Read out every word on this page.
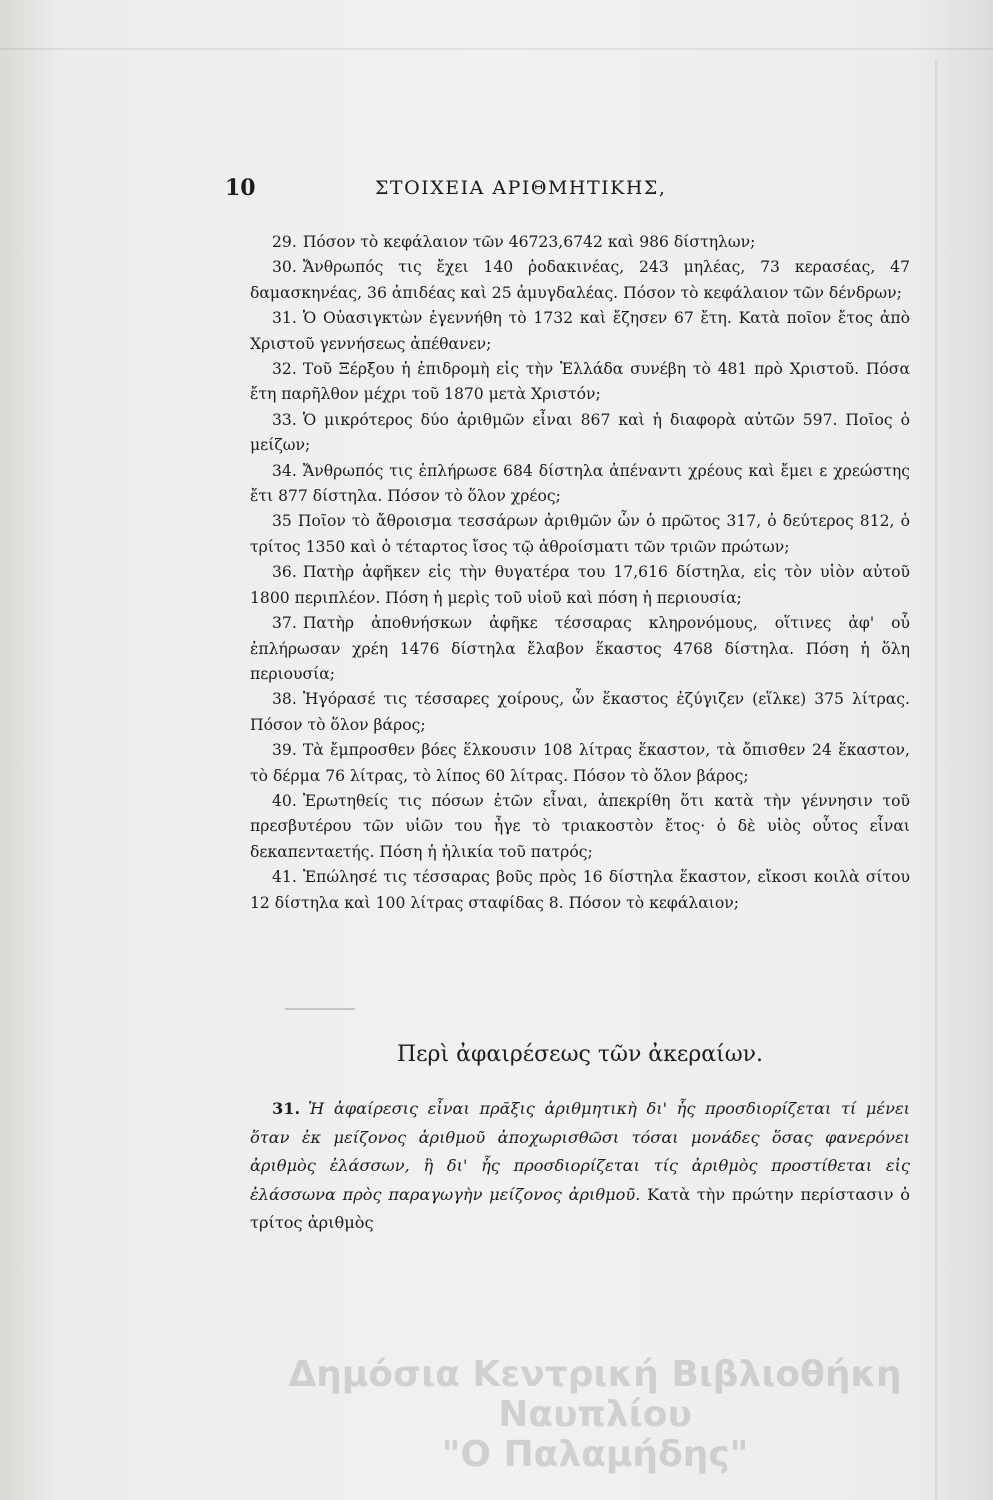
10	ΣΤΟΙΧΕΙΑ ΑΡΙΘΜΗΤΙΚΗΣ,

29. Πόσον τὸ κεφάλαιον τῶν 46723,6742 καὶ 986 δίστηλων;

30. Ἄνθρωπός τις ἔχει 140 ῥοδακινέας, 243 μηλέας, 73 κερασέας, 47 δαμασκηνέας, 36 ἀπιδέας καὶ 25 ἀμυγδαλέας. Πόσον τὸ κεφάλαιον τῶν δένδρων;

31. Ὁ Οὐασιγκτὼν ἐγεννήθη τὸ 1732 καὶ ἔζησεν 67 ἔτη. Κατὰ ποῖον ἔτος ἀπὸ Χριστοῦ γεννήσεως ἀπέθανεν;

32. Τοῦ Ξέρξου ἡ ἐπιδρομὴ εἰς τὴν Ἑλλάδα συνέβη τὸ 481 πρὸ Χριστοῦ. Πόσα ἔτη παρῆλθον μέχρι τοῦ 1870 μετὰ Χριστόν;

33. Ὁ μικρότερος δύο ἀριθμῶν εἶναι 867 καὶ ἡ διαφορὰ αὐτῶν 597. Ποῖος ὁ μείζων;

34. Ἄνθρωπός τις ἐπλήρωσε 684 δίστηλα ἀπέναντι χρέους καὶ ἔμει ε χρεώστης ἔτι 877 δίστηλα. Πόσον τὸ ὅλον χρέος;

35 Ποῖον τὸ ἄθροισμα τεσσάρων ἀριθμῶν ὧν ὁ πρῶτος 317, ὁ δεύτερος 812, ὁ τρίτος 1350 καὶ ὁ τέταρτος ἴσος τῷ ἀθροίσματι τῶν τριῶν πρώτων;

36. Πατὴρ ἀφῆκεν εἰς τὴν θυγατέρα του 17,616 δίστηλα, εἰς τὸν υἱὸν αὐτοῦ 1800 περιπλέον. Πόση ἡ μερὶς τοῦ υἱοῦ καὶ πόση ἡ περιουσία;

37. Πατὴρ ἀποθνήσκων ἀφῆκε τέσσαρας κληρονόμους, οἵτινες ἀφ' οὗ ἐπλήρωσαν χρέη 1476 δίστηλα ἔλαβον ἕκαστος 4768 δίστηλα. Πόση ἡ ὅλη περιουσία;

38. Ἠγόρασέ τις τέσσαρες χοίρους, ὧν ἕκαστος ἐζύγιζεν (εἵλκε) 375 λίτρας. Πόσον τὸ ὅλον βάρος;

39. Τὰ ἔμπροσθεν βόες ἕλκουσιν 108 λίτρας ἕκαστον, τὰ ὄπισθεν 24 ἕκαστον, τὸ δέρμα 76 λίτρας, τὸ λίπος 60 λίτρας. Πόσον τὸ ὅλον βάρος;

40. Ἐρωτηθείς τις πόσων ἐτῶν εἶναι, ἀπεκρίθη ὅτι κατὰ τὴν γέννησιν τοῦ πρεσβυτέρου τῶν υἱῶν του ἦγε τὸ τριακοστὸν ἔτος· ὁ δὲ υἱὸς οὗτος εἶναι δεκαπενταετής. Πόση ἡ ἡλικία τοῦ πατρός;

41. Ἐπώλησέ τις τέσσαρας βοῦς πρὸς 16 δίστηλα ἕκαστον, εἴκοσι κοιλὰ σίτου 12 δίστηλα καὶ 100 λίτρας σταφίδας 8. Πόσον τὸ κεφάλαιον;

Περὶ ἀφαιρέσεως τῶν ἀκεραίων.

31. Ἡ ἀφαίρεσις εἶναι πρᾶξις ἀριθμητικὴ δι' ἧς προσδιορίζεται τί μένει ὅταν ἐκ μείζονος ἀριθμοῦ ἀποχωρισθῶσι τόσαι μονάδες ὅσας φανερόνει ἀριθμὸς ἐλάσσων, ἢ δι' ἧς προσδιορίζεται τίς ἀριθμὸς προστίθεται εἰς ἐλάσσωνα πρὸς παραγωγὴν μείζονος ἀριθμοῦ. Κατὰ τὴν πρώτην περίστασιν ὁ τρίτος ἀριθμὸς

Δημόσια Κεντρική Βιβλιοθήκη Ναυπλίου
"Ο Παλαμήδης"
